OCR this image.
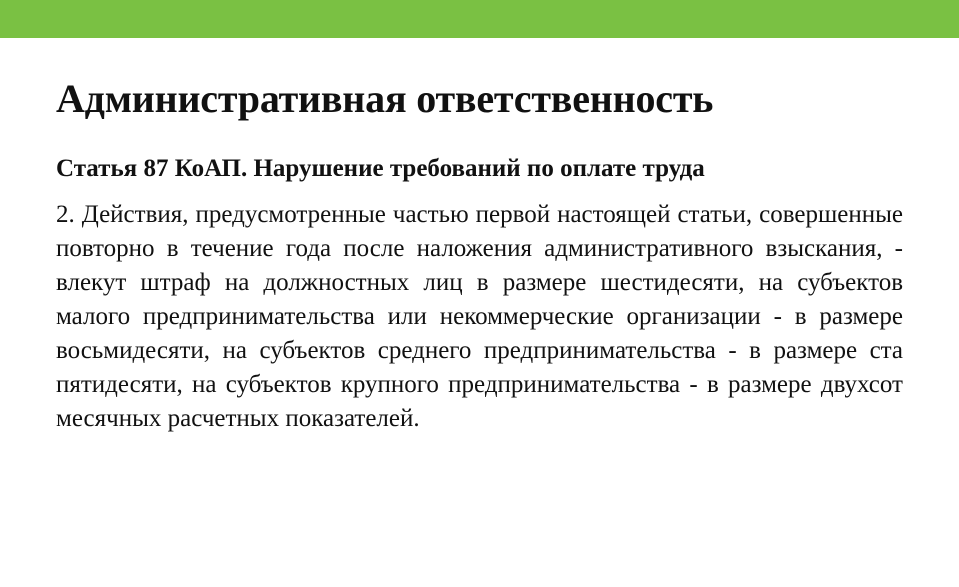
Административная ответственность

Статья 87 КоАП. Нарушение требований по оплате труда

2. Действия, предусмотренные частью первой настоящей статьи, совершенные повторно в течение года после наложения административного взыскания, - влекут штраф на должностных лиц в размере шестидесяти, на субъектов малого предпринимательства или некоммерческие организации - в размере восьмидесяти, на субъектов среднего предпринимательства - в размере ста пятидесяти, на субъектов крупного предпринимательства - в размере двухсот месячных расчетных показателей.
